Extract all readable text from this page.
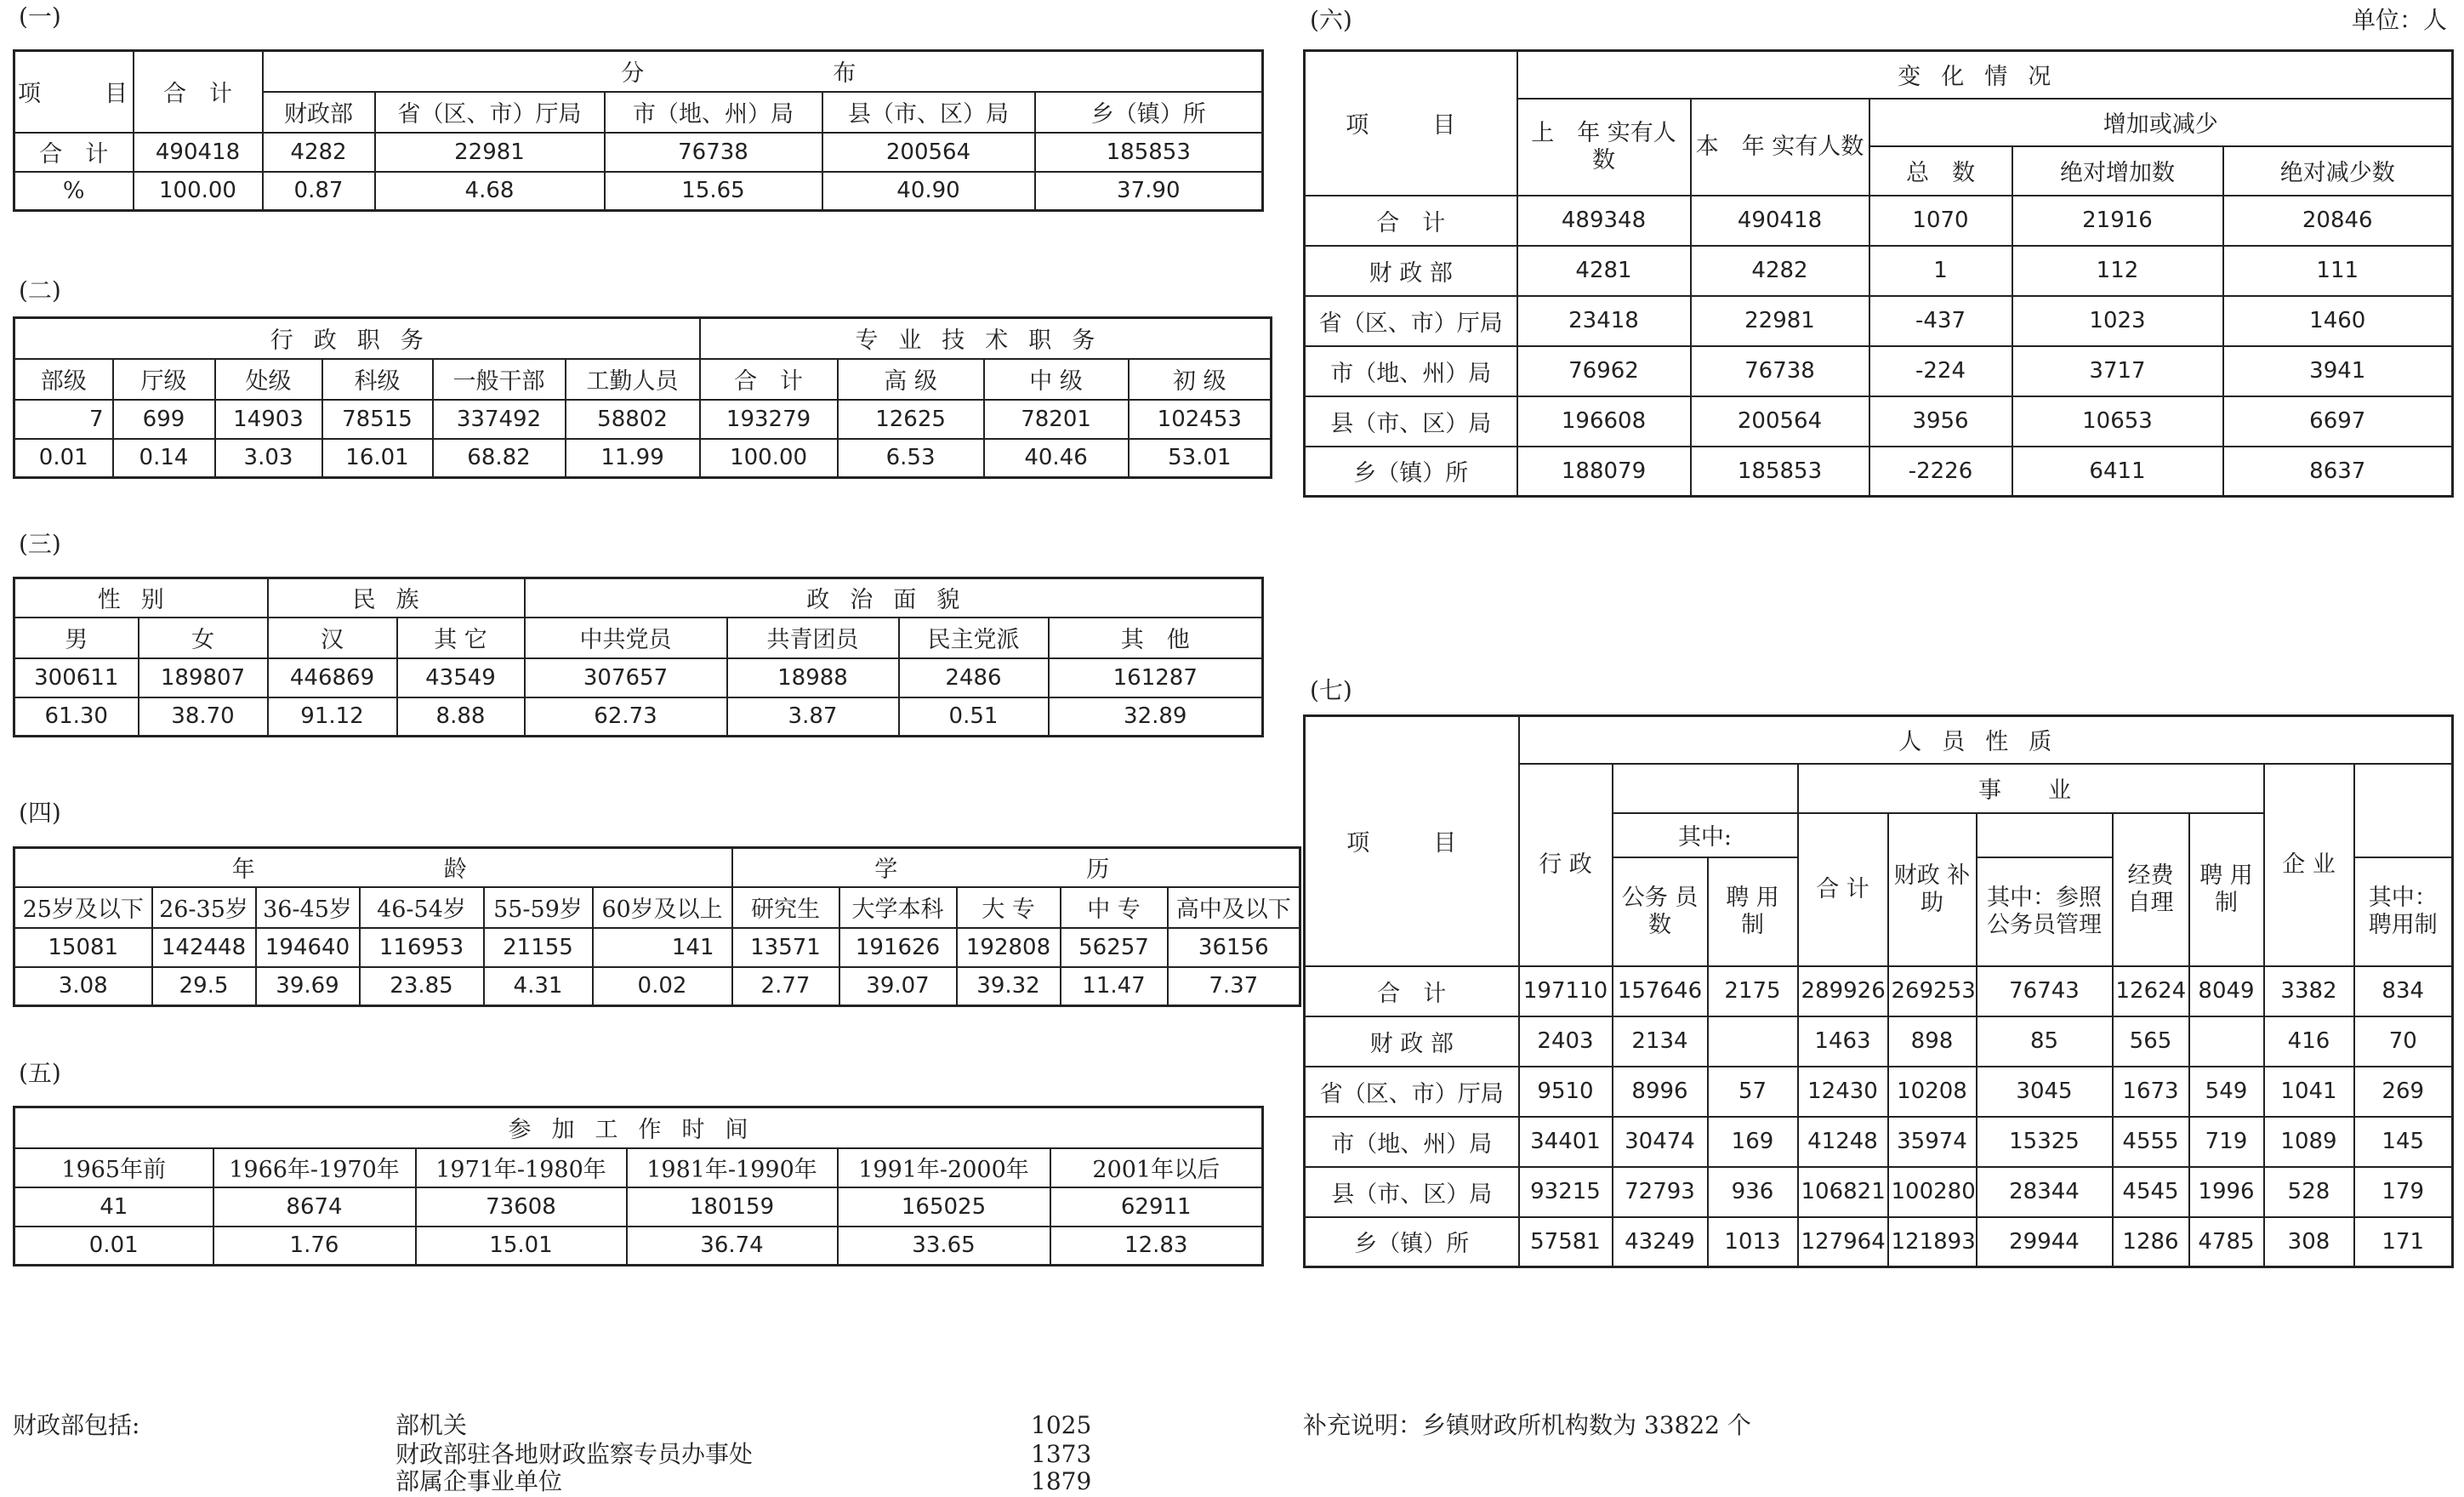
(一)
项　目	合　计	分　　布				
		财政部	省（区、市）厅局	市（地、州）局	县（市、区）局	乡（镇）所
合　计	490418	4282	22981	76738	200564	185853
%	100.00	0.87	4.68	15.65	40.90	37.90
(二)
行政职务						专业技术职务			
部级	厅级	处级	科级	一般干部	工勤人员	合　计	高 级	中 级	初 级
7	699	14903	78515	337492	58802	193279	12625	78201	102453
0.01	0.14	3.03	16.01	68.82	11.99	100.00	6.53	40.46	53.01
(三)
性别		民族		政治面貌			
男	女	汉	其 它	中共党员	共青团员	民主党派	其　他
300611	189807	446869	43549	307657	18988	2486	161287
61.30	38.70	91.12	8.88	62.73	3.87	0.51	32.89
(四)
年　　龄						学　　历				
25岁及以下	26-35岁	36-45岁	46-54岁	55-59岁	60岁及以上	研究生	大学本科	大 专	中 专	高中及以下
15081	142448	194640	116953	21155	141	13571	191626	192808	56257	36156
3.08	29.5	39.69	23.85	4.31	0.02	2.77	39.07	39.32	11.47	7.37
(五)
参加工作时间					
1965年前	1966年-1970年	1971年-1980年	1981年-1990年	1991年-2000年	2001年以后
41	8674	73608	180159	165025	62911
0.01	1.76	15.01	36.74	33.65	12.83
(六)	单位：人
项　目	变化情况				
	上　年 实有人数	本　年 实有人数	增加或减少		
			总　数	绝对增加数	绝对减少数
合　计	489348	490418	1070	21916	20846
财 政 部	4281	4282	1	112	111
省（区、市）厅局	23418	22981	-437	1023	1460
市（地、州）局	76962	76738	-224	3717	3941
县（市、区）局	196608	200564	3956	10653	6697
乡（镇）所	188079	185853	-2226	6411	8637
(七)
项　目	人员性质									
	行 政			事　业					企 业	
		其中:		合 计	财政 补助		经费 自理	聘 用 制		
		公务 员数	聘 用 制			其中：参照 公务员管理				其中： 聘用制
合　计	197110	157646	2175	289926	269253	76743	12624	8049	3382	834
财 政 部	2403	2134		1463	898	85	565		416	70
省（区、市）厅局	9510	8996	57	12430	10208	3045	1673	549	1041	269
市（地、州）局	34401	30474	169	41248	35974	15325	4555	719	1089	145
县（市、区）局	93215	72793	936	106821	100280	28344	4545	1996	528	179
乡（镇）所	57581	43249	1013	127964	121893	29944	1286	4785	308	171
财政部包括:	部机关	1025
财政部驻各地财政监察专员办事处	1373
部属企事业单位	1879
补充说明：乡镇财政所机构数为 33822 个
